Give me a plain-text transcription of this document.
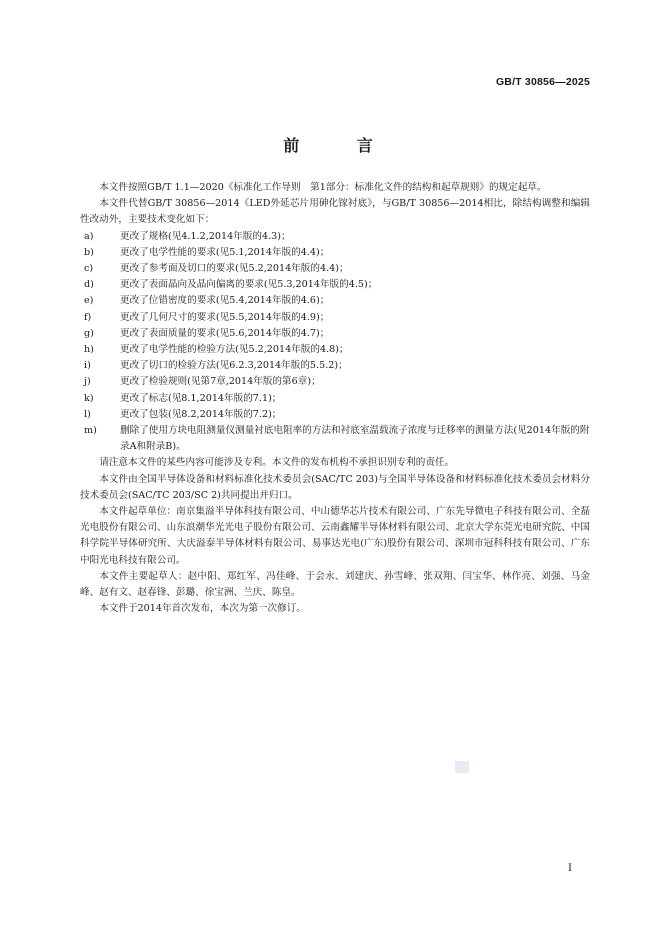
GB/T 30856—2025
前 言

本文件按照GB/T 1.1—2020《标准化工作导则　第1部分：标准化文件的结构和起草规则》的规定起草。

本文件代替GB/T 30856—2014《LED外延芯片用砷化镓衬底》，与GB/T 30856—2014相比，除结构调整和编辑性改动外，主要技术变化如下：

a)	更改了规格(见4.1.2,2014年版的4.3)；
b)	更改了电学性能的要求(见5.1,2014年版的4.4)；
c)	更改了参考面及切口的要求(见5.2,2014年版的4.4)；
d)	更改了表面晶向及晶向偏离的要求(见5.3,2014年版的4.5)；
e)	更改了位错密度的要求(见5.4,2014年版的4.6)；
f)	更改了几何尺寸的要求(见5.5,2014年版的4.9)；
g)	更改了表面质量的要求(见5.6,2014年版的4.7)；
h)	更改了电学性能的检验方法(见5.2,2014年版的4.8)；
i)	更改了切口的检验方法(见6.2.3,2014年版的5.5.2)；
j)	更改了检验规则(见第7章,2014年版的第6章)；
k)	更改了标志(见8.1,2014年版的7.1)；
l)	更改了包装(见8.2,2014年版的7.2)；
m)	删除了使用方块电阻测量仪测量衬底电阻率的方法和衬底室温载流子浓度与迁移率的测量方法(见2014年版的附录A和附录B)。

请注意本文件的某些内容可能涉及专利。本文件的发布机构不承担识别专利的责任。

本文件由全国半导体设备和材料标准化技术委员会(SAC/TC 203)与全国半导体设备和材料标准化技术委员会材料分技术委员会(SAC/TC 203/SC 2)共同提出并归口。

本文件起草单位：南京集溢半导体科技有限公司、中山德华芯片技术有限公司、广东先导微电子科技有限公司、全磊光电股份有限公司、山东浪潮华光光电子股份有限公司、云南鑫耀半导体材料有限公司、北京大学东莞光电研究院、中国科学院半导体研究所、大庆溢泰半导体材料有限公司、易事达光电(广东)股份有限公司、深圳市冠科科技有限公司、广东中阳光电科技有限公司。

本文件主要起草人：赵中阳、郑红军、冯佳峰、于会永、刘建庆、孙雪峰、张双翔、闫宝华、林作亮、刘强、马金峰、赵有文、赵春锋、彭璐、徐宝洲、兰庆、陈皇。

本文件于2014年首次发布，本次为第一次修订。

I
